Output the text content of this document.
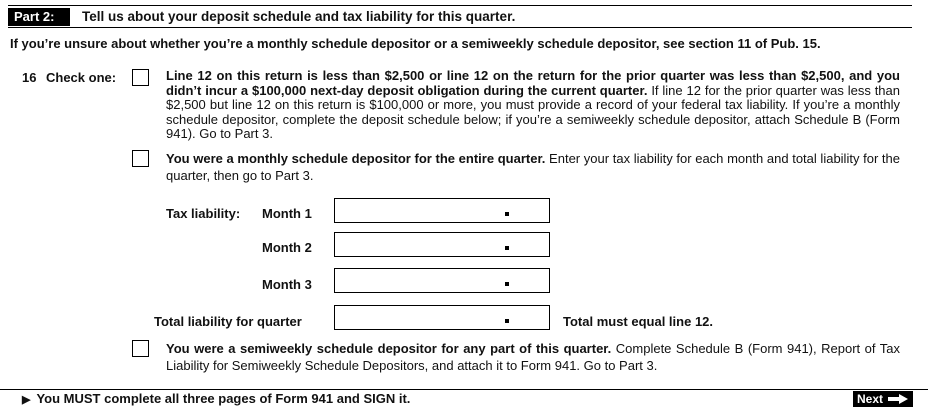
Part 2:	Tell us about your deposit schedule and tax liability for this quarter.
If you’re unsure about whether you’re a monthly schedule depositor or a semiweekly schedule depositor, see section 11 of Pub. 15.
16 Check one:	Line 12 on this return is less than $2,500 or line 12 on the return for the prior quarter was less than $2,500, and you didn’t incur a $100,000 next-day deposit obligation during the current quarter. If line 12 for the prior quarter was less than $2,500 but line 12 on this return is $100,000 or more, you must provide a record of your federal tax liability. If you’re a monthly schedule depositor, complete the deposit schedule below; if you’re a semiweekly schedule depositor, attach Schedule B (Form 941). Go to Part 3.
You were a monthly schedule depositor for the entire quarter. Enter your tax liability for each month and total liability for the quarter, then go to Part 3.
Tax liability: Month 1
Month 2
Month 3
Total liability for quarter	Total must equal line 12.
You were a semiweekly schedule depositor for any part of this quarter. Complete Schedule B (Form 941), Report of Tax Liability for Semiweekly Schedule Depositors, and attach it to Form 941. Go to Part 3.
▶ You MUST complete all three pages of Form 941 and SIGN it.	Next
